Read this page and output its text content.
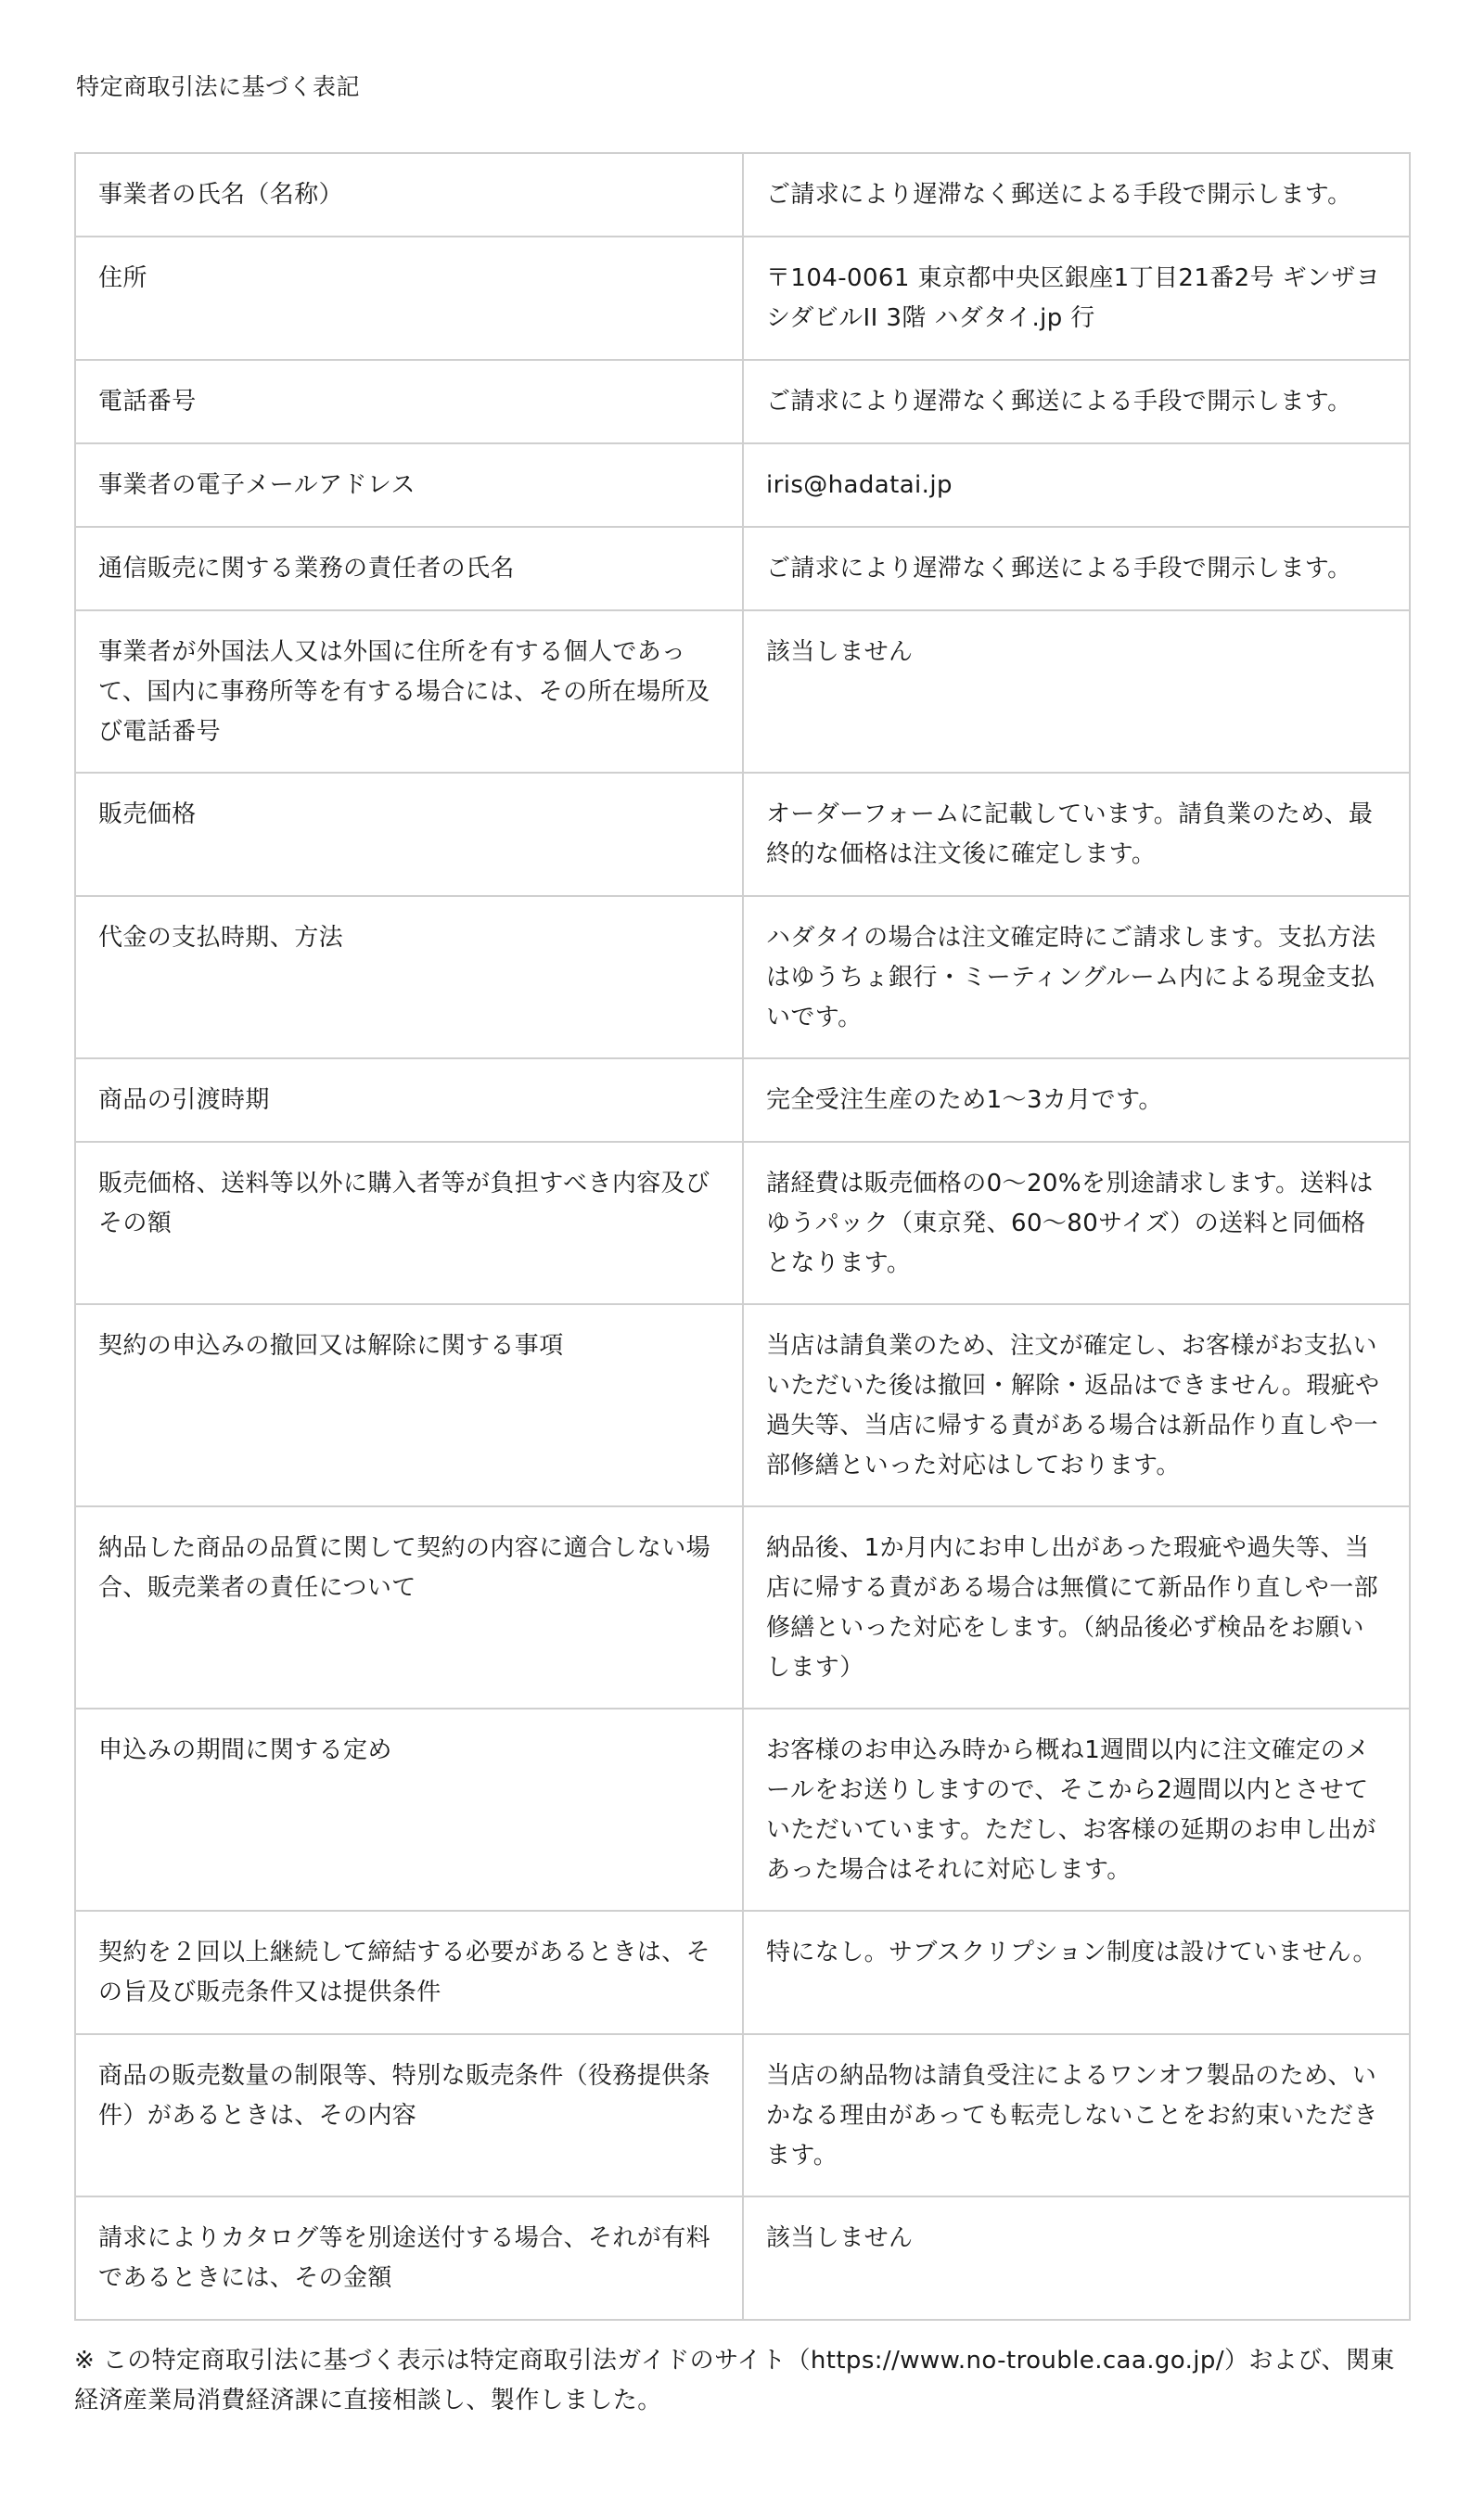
特定商取引法に基づく表記
事業者の氏名（名称）	ご請求により遅滞なく郵送による手段で開示します。
住所	〒104-0061 東京都中央区銀座1丁目21番2号 ギンザヨシダビルII 3階 ハダタイ.jp 行
電話番号	ご請求により遅滞なく郵送による手段で開示します。
事業者の電子メールアドレス	iris@hadatai.jp
通信販売に関する業務の責任者の氏名	ご請求により遅滞なく郵送による手段で開示します。
事業者が外国法人又は外国に住所を有する個人であって、国内に事務所等を有する場合には、その所在場所及び電話番号	該当しません
販売価格	オーダーフォームに記載しています。請負業のため、最終的な価格は注文後に確定します。
代金の支払時期、方法	ハダタイの場合は注文確定時にご請求します。支払方法はゆうちょ銀行・ミーティングルーム内による現金支払いです。
商品の引渡時期	完全受注生産のため1〜3カ月です。
販売価格、送料等以外に購入者等が負担すべき内容及びその額	諸経費は販売価格の0〜20%を別途請求します。送料はゆうパック（東京発、60〜80サイズ）の送料と同価格となります。
契約の申込みの撤回又は解除に関する事項	当店は請負業のため、注文が確定し、お客様がお支払いいただいた後は撤回・解除・返品はできません。瑕疵や過失等、当店に帰する責がある場合は新品作り直しや一部修繕といった対応はしております。
納品した商品の品質に関して契約の内容に適合しない場合、販売業者の責任について	納品後、1か月内にお申し出があった瑕疵や過失等、当店に帰する責がある場合は無償にて新品作り直しや一部修繕といった対応をします。（納品後必ず検品をお願いします）
申込みの期間に関する定め	お客様のお申込み時から概ね1週間以内に注文確定のメールをお送りしますので、そこから2週間以内とさせていただいています。ただし、お客様の延期のお申し出があった場合はそれに対応します。
契約を２回以上継続して締結する必要があるときは、その旨及び販売条件又は提供条件	特になし。サブスクリプション制度は設けていません。
商品の販売数量の制限等、特別な販売条件（役務提供条件）があるときは、その内容	当店の納品物は請負受注によるワンオフ製品のため、いかなる理由があっても転売しないことをお約束いただきます。
請求によりカタログ等を別途送付する場合、それが有料であるときには、その金額	該当しません
※ この特定商取引法に基づく表示は特定商取引法ガイドのサイト（https://www.no-trouble.caa.go.jp/）および、関東経済産業局消費経済課に直接相談し、製作しました。
